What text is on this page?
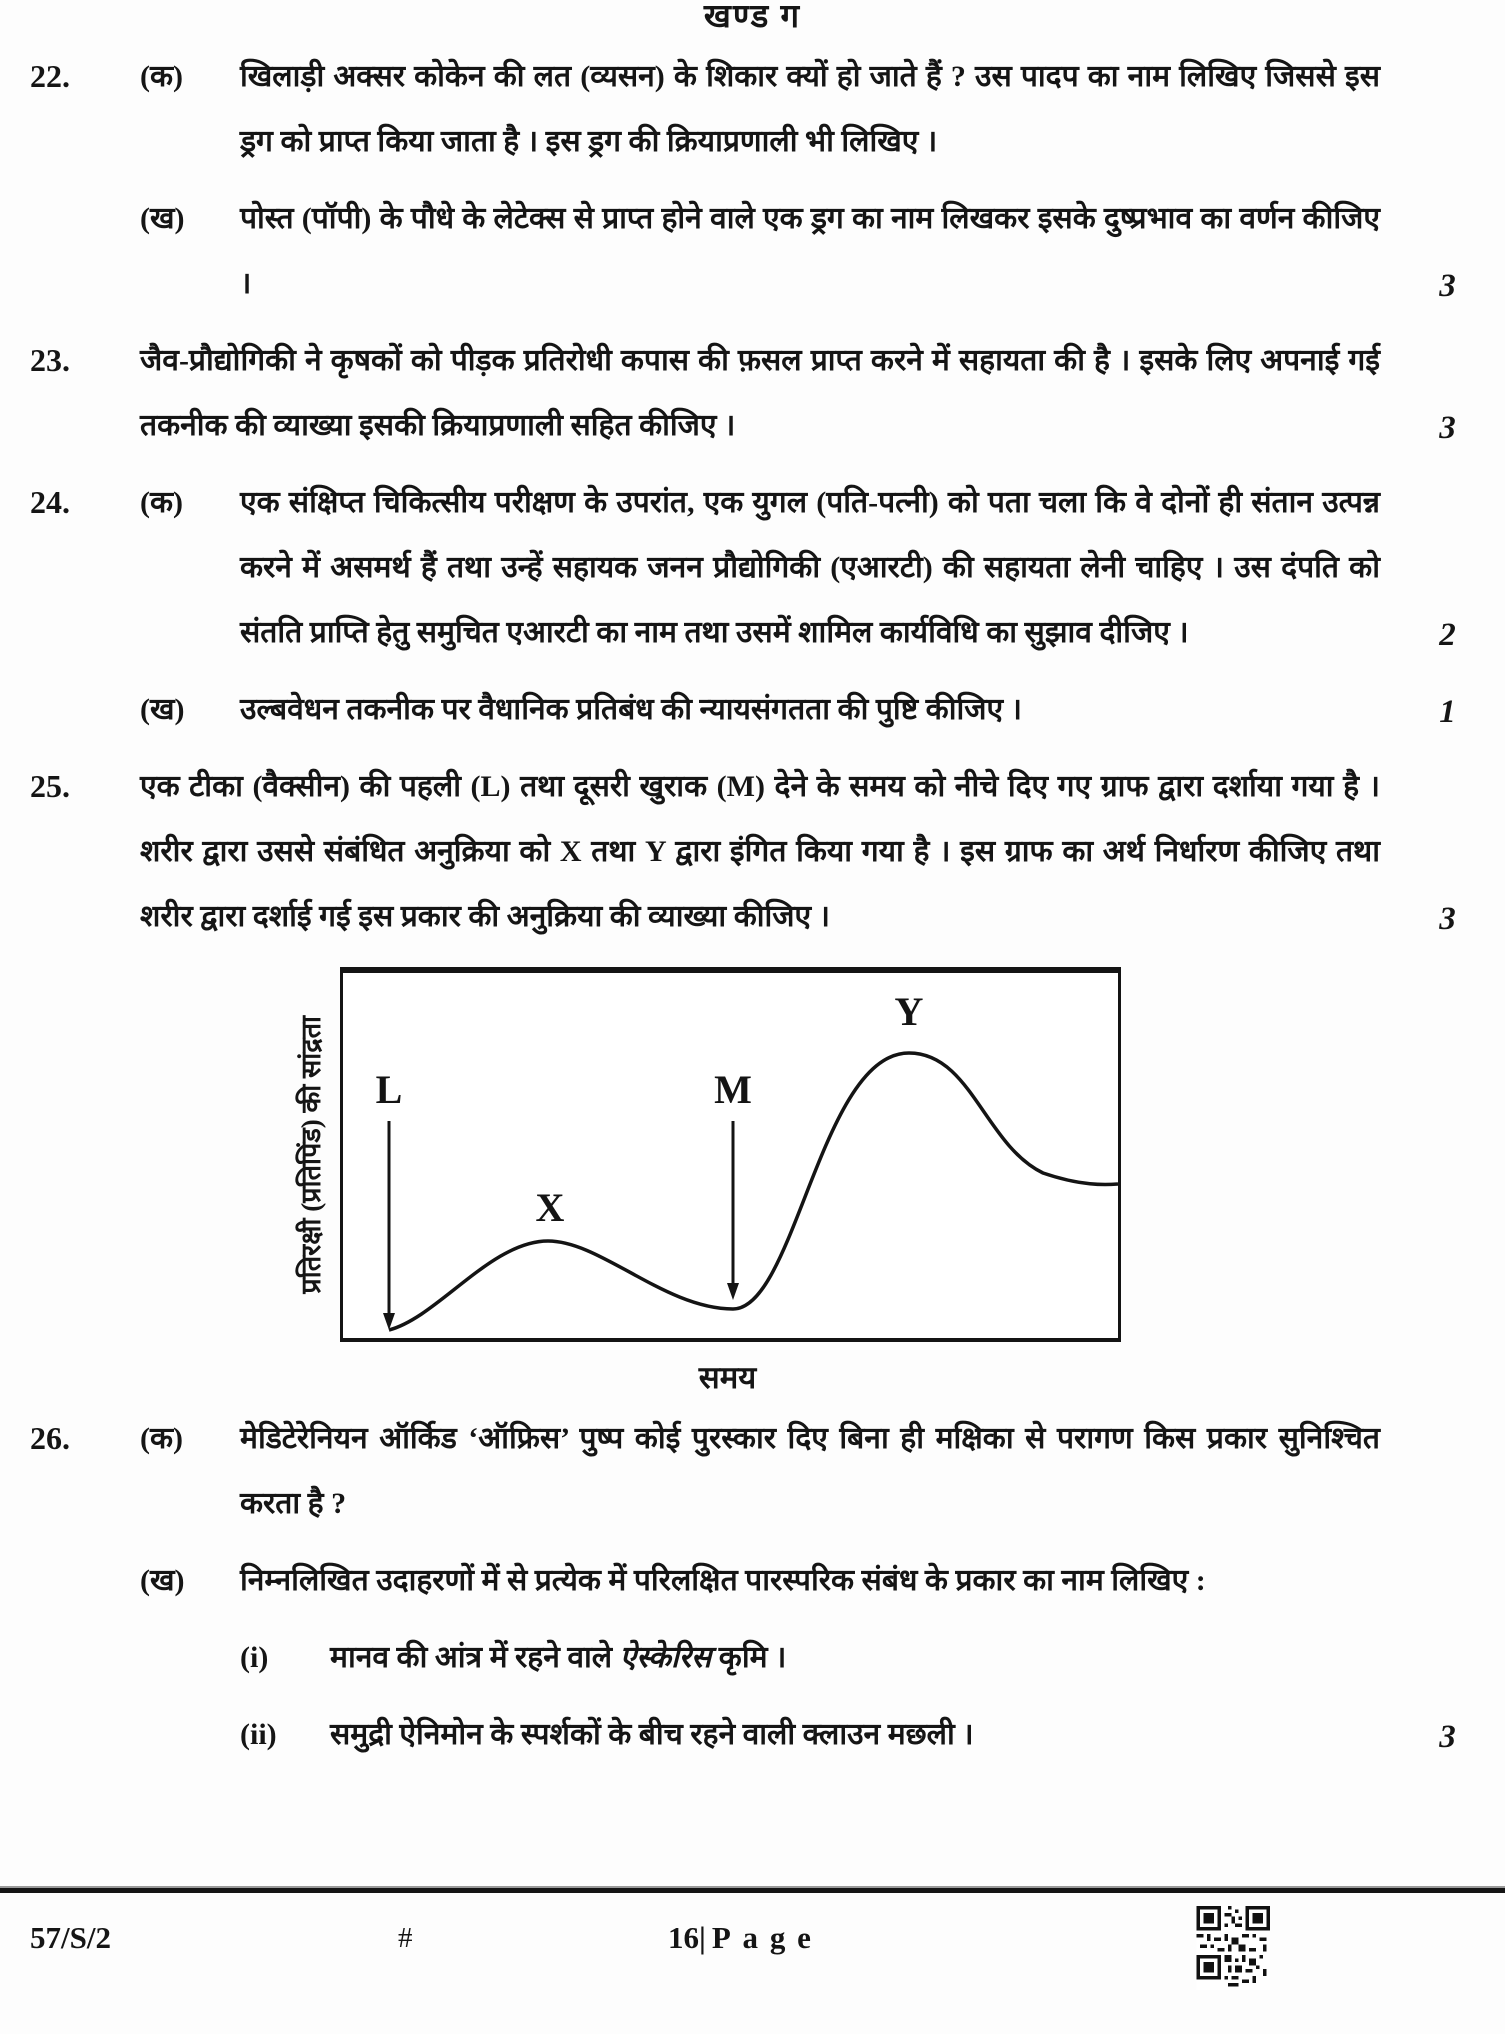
खण्ड ग
22.	(क)	खिलाड़ी अक्सर कोकेन की लत (व्यसन) के शिकार क्यों हो जाते हैं ? उस पादप का नाम लिखिए जिससे इस ड्रग को प्राप्त किया जाता है । इस ड्रग की क्रियाप्रणाली भी लिखिए ।
(ख)	पोस्त (पॉपी) के पौधे के लेटेक्स से प्राप्त होने वाले एक ड्रग का नाम लिखकर इसके दुष्प्रभाव का वर्णन कीजिए ।	3
23.	जैव-प्रौद्योगिकी ने कृषकों को पीड़क प्रतिरोधी कपास की फ़सल प्राप्त करने में सहायता की है । इसके लिए अपनाई गई तकनीक की व्याख्या इसकी क्रियाप्रणाली सहित कीजिए ।	3
24.	(क)	एक संक्षिप्त चिकित्सीय परीक्षण के उपरांत, एक युगल (पति-पत्नी) को पता चला कि वे दोनों ही संतान उत्पन्न करने में असमर्थ हैं तथा उन्हें सहायक जनन प्रौद्योगिकी (एआरटी) की सहायता लेनी चाहिए । उस दंपति को संतति प्राप्ति हेतु समुचित एआरटी का नाम तथा उसमें शामिल कार्यविधि का सुझाव दीजिए ।	2
(ख)	उल्बवेधन तकनीक पर वैधानिक प्रतिबंध की न्यायसंगतता की पुष्टि कीजिए ।	1
25.	एक टीका (वैक्सीन) की पहली (L) तथा दूसरी खुराक (M) देने के समय को नीचे दिए गए ग्राफ द्वारा दर्शाया गया है । शरीर द्वारा उससे संबंधित अनुक्रिया को X तथा Y द्वारा इंगित किया गया है । इस ग्राफ का अर्थ निर्धारण कीजिए तथा शरीर द्वारा दर्शाई गई इस प्रकार की अनुक्रिया की व्याख्या कीजिए ।	3
प्रतिरक्षी (प्रतिपिंड) की सांद्रता L	M
X
Y
समय
26.	(क)	मेडिटेरेनियन ऑर्किड ‘ऑफ्रिस’ पुष्प कोई पुरस्कार दिए बिना ही मक्षिका से परागण किस प्रकार सुनिश्चित करता है ?
(ख)	निम्नलिखित उदाहरणों में से प्रत्येक में परिलक्षित पारस्परिक संबंध के प्रकार का नाम लिखिए :
(i)	मानव की आंत्र में रहने वाले ऐस्केरिस कृमि ।
(ii)	समुद्री ऐनिमोन के स्पर्शकों के बीच रहने वाली क्लाउन मछली ।	3
57/S/2	#	16| Page
